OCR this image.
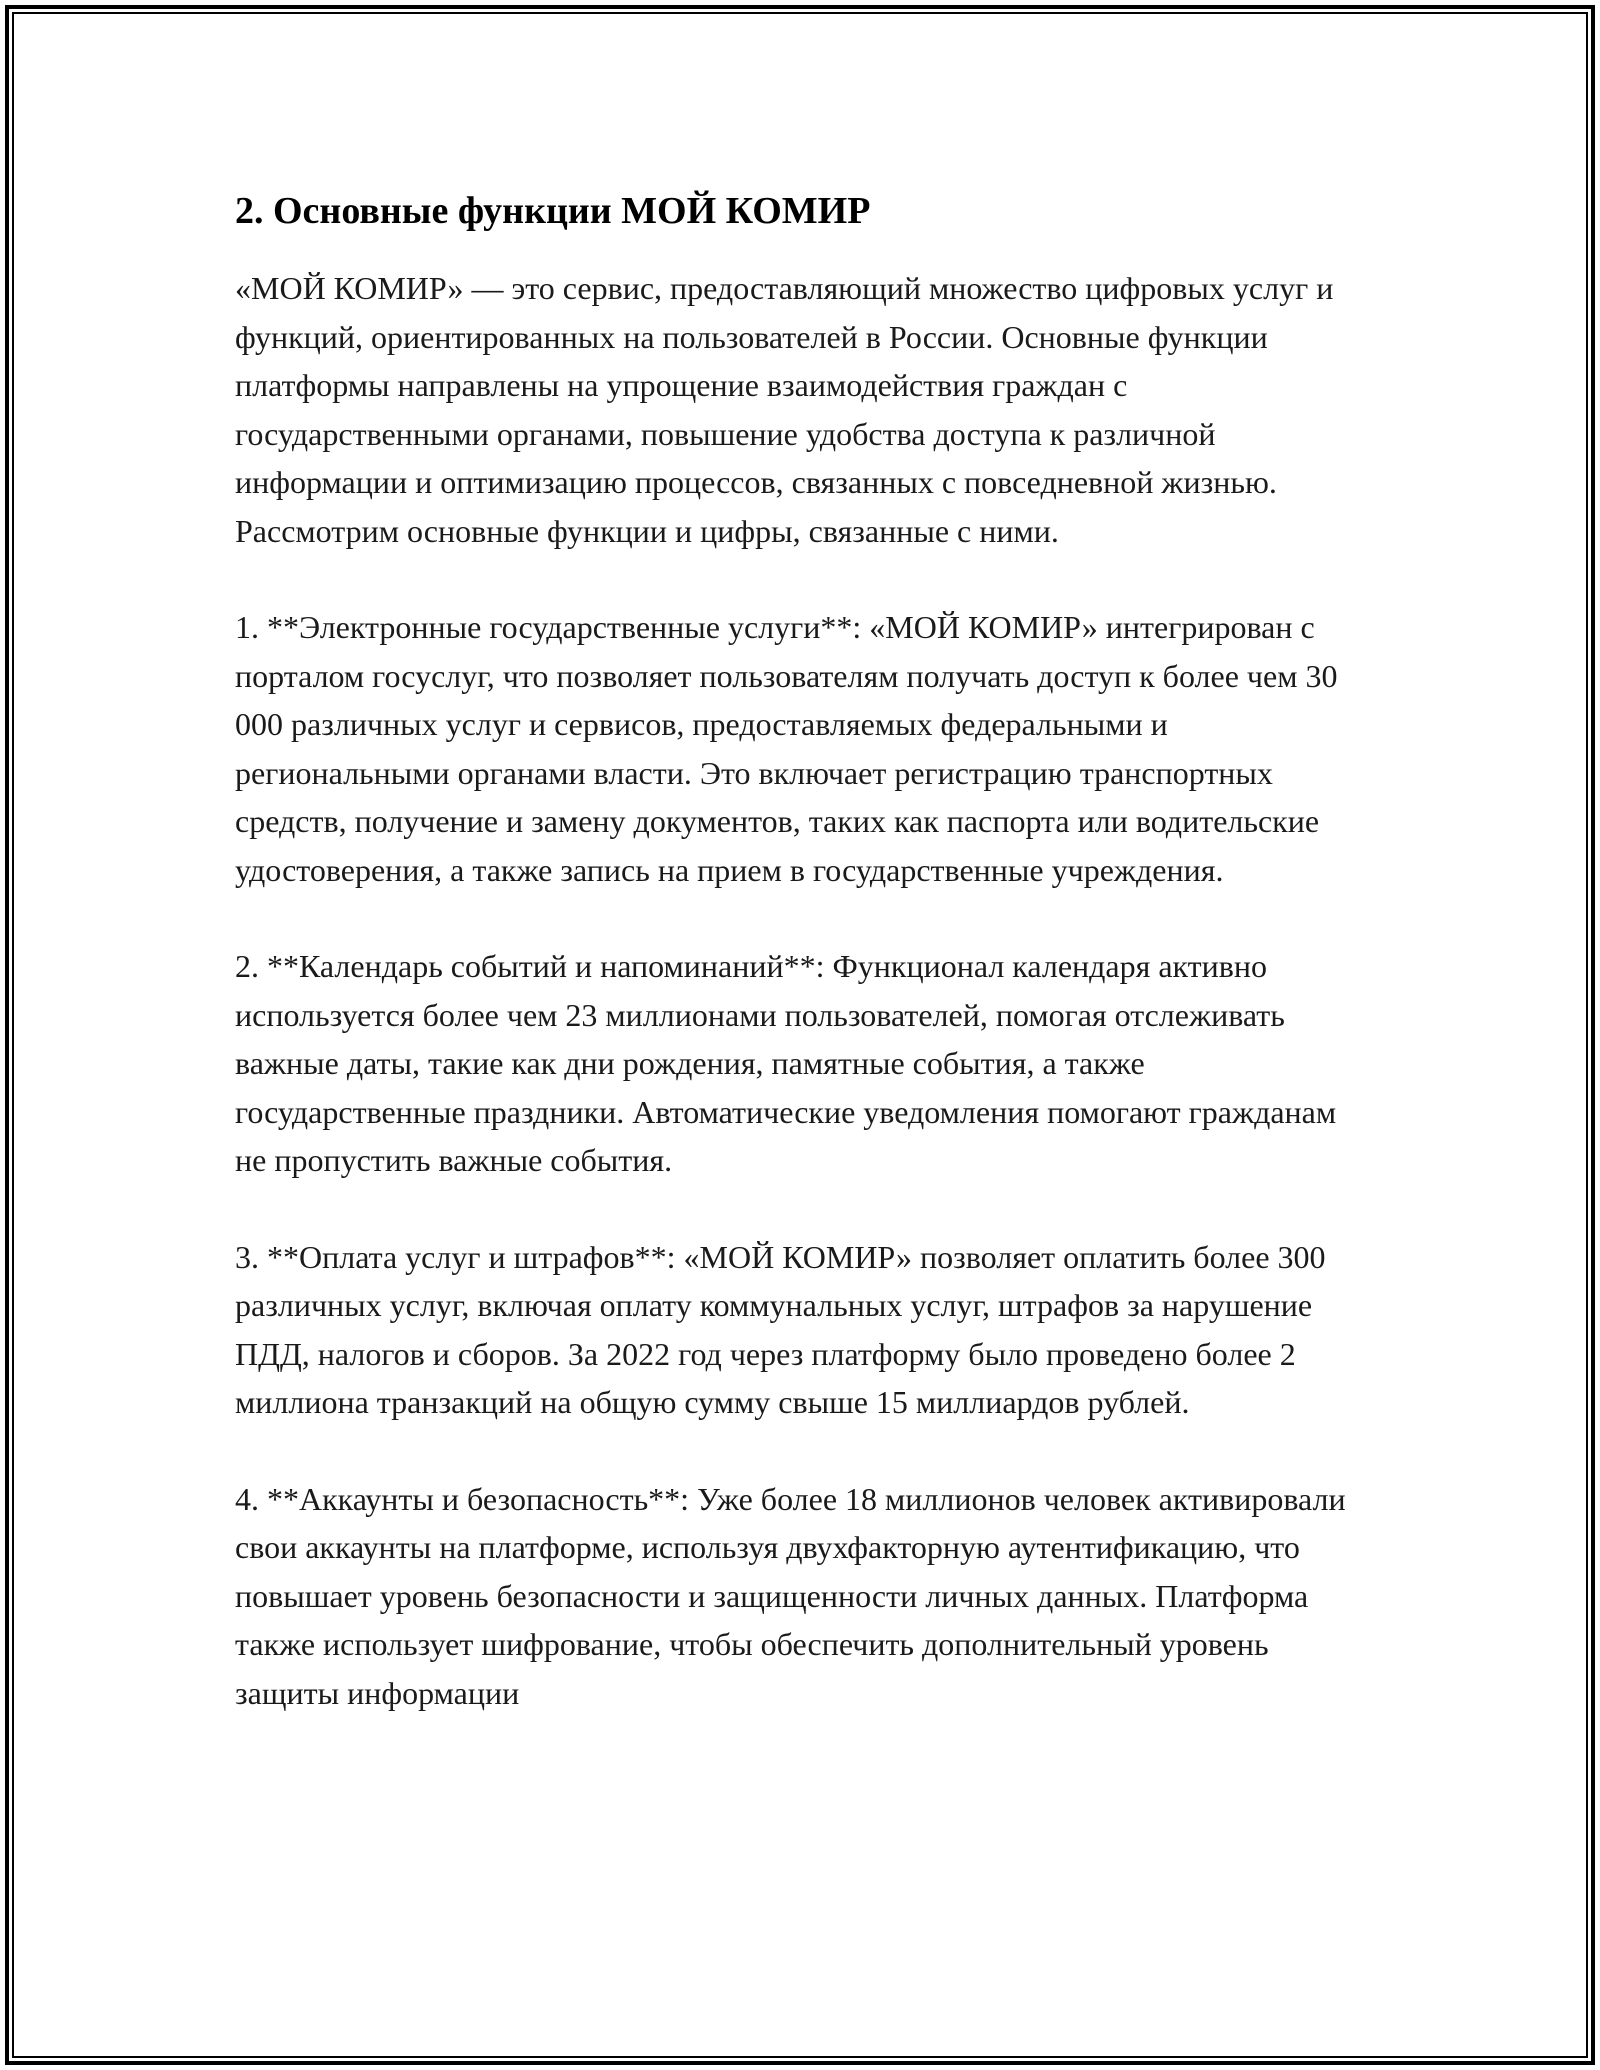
2. Основные функции МОЙ КОМИР

«МОЙ КОМИР» — это сервис, предоставляющий множество цифровых услуг и функций, ориентированных на пользователей в России. Основные функции платформы направлены на упрощение взаимодействия граждан с государственными органами, повышение удобства доступа к различной информации и оптимизацию процессов, связанных с повседневной жизнью. Рассмотрим основные функции и цифры, связанные с ними.

1. **Электронные государственные услуги**: «МОЙ КОМИР» интегрирован с порталом госуслуг, что позволяет пользователям получать доступ к более чем 30 000 различных услуг и сервисов, предоставляемых федеральными и региональными органами власти. Это включает регистрацию транспортных средств, получение и замену документов, таких как паспорта или водительские удостоверения, а также запись на прием в государственные учреждения.

2. **Календарь событий и напоминаний**: Функционал календаря активно используется более чем 23 миллионами пользователей, помогая отслеживать важные даты, такие как дни рождения, памятные события, а также государственные праздники. Автоматические уведомления помогают гражданам не пропустить важные события.

3. **Оплата услуг и штрафов**: «МОЙ КОМИР» позволяет оплатить более 300 различных услуг, включая оплату коммунальных услуг, штрафов за нарушение ПДД, налогов и сборов. За 2022 год через платформу было проведено более 2 миллиона транзакций на общую сумму свыше 15 миллиардов рублей.

4. **Аккаунты и безопасность**: Уже более 18 миллионов человек активировали свои аккаунты на платформе, используя двухфакторную аутентификацию, что повышает уровень безопасности и защищенности личных данных. Платформа также использует шифрование, чтобы обеспечить дополнительный уровень защиты информации
